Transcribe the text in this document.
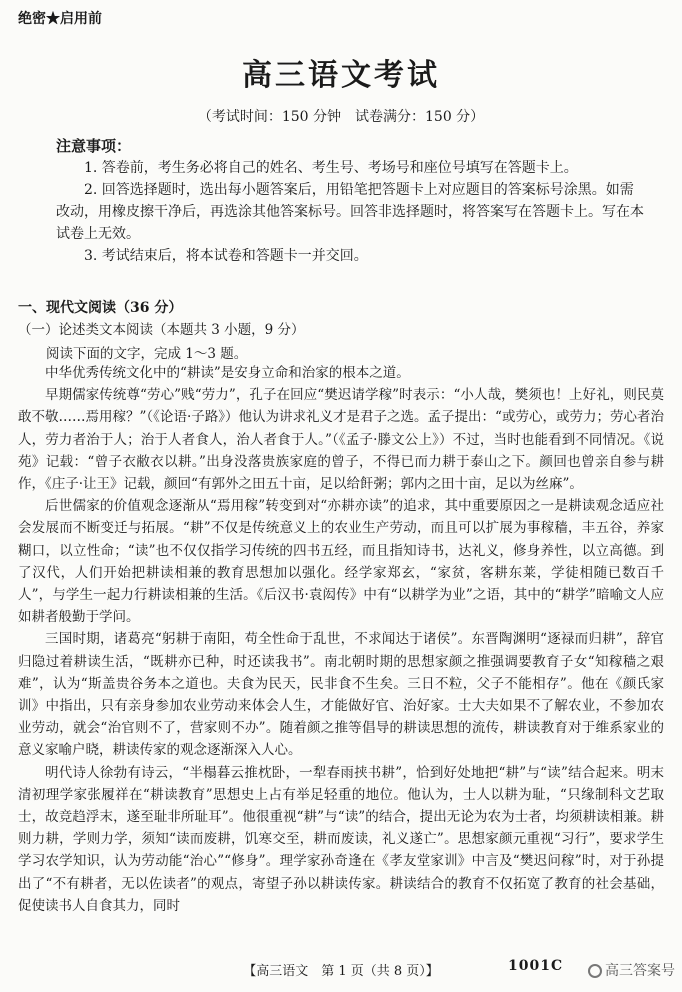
绝密★启用前
高三语文考试
（考试时间：150 分钟　试卷满分：150 分）
注意事项：
1. 答卷前，考生务必将自己的姓名、考生号、考场号和座位号填写在答题卡上。
2. 回答选择题时，选出每小题答案后，用铅笔把答题卡上对应题目的答案标号涂黑。如需改动，用橡皮擦干净后，再选涂其他答案标号。回答非选择题时，将答案写在答题卡上。写在本试卷上无效。
3. 考试结束后，将本试卷和答题卡一并交回。
一、现代文阅读（36 分）
（一）论述类文本阅读（本题共 3 小题，9 分）
阅读下面的文字，完成 1～3 题。

中华优秀传统文化中的“耕读”是安身立命和治家的根本之道。

早期儒家传统尊“劳心”贱“劳力”，孔子在回应“樊迟请学稼”时表示：“小人哉，樊须也！上好礼，则民莫敢不敬……焉用稼？”（《论语·子路》）他认为讲求礼义才是君子之选。孟子提出：“或劳心，或劳力；劳心者治人，劳力者治于人；治于人者食人，治人者食于人。”（《孟子·滕文公上》）不过，当时也能看到不同情况。《说苑》记载：“曾子衣敝衣以耕。”出身没落贵族家庭的曾子，不得已而力耕于泰山之下。颜回也曾亲自参与耕作，《庄子·让王》记载，颜回“有郭外之田五十亩，足以给飦粥；郭内之田十亩，足以为丝麻”。

后世儒家的价值观念逐渐从“焉用稼”转变到对“亦耕亦读”的追求，其中重要原因之一是耕读观念适应社会发展而不断变迁与拓展。“耕”不仅是传统意义上的农业生产劳动，而且可以扩展为事稼穑，丰五谷，养家糊口，以立性命；“读”也不仅仅指学习传统的四书五经，而且指知诗书，达礼义，修身养性，以立高德。到了汉代，人们开始把耕读相兼的教育思想加以强化。经学家郑玄，“家贫，客耕东莱，学徒相随已数百千人”，与学生一起力行耕读相兼的生活。《后汉书·袁闳传》中有“以耕学为业”之语，其中的“耕学”暗喻文人应如耕者般勤于学问。

三国时期，诸葛亮“躬耕于南阳，苟全性命于乱世，不求闻达于诸侯”。东晋陶渊明“逐禄而归耕”，辞官归隐过着耕读生活，“既耕亦已种，时还读我书”。南北朝时期的思想家颜之推强调要教育子女“知稼穑之艰难”，认为“斯盖贵谷务本之道也。夫食为民天，民非食不生矣。三日不粒，父子不能相存”。他在《颜氏家训》中指出，只有亲身参加农业劳动来体会人生，才能做好官、治好家。士大夫如果不了解农业，不参加农业劳动，就会“治官则不了，营家则不办”。随着颜之推等倡导的耕读思想的流传，耕读教育对于维系家业的意义家喻户晓，耕读传家的观念逐渐深入人心。

明代诗人徐勃有诗云，“半榻暮云推枕卧，一犁春雨挟书耕”，恰到好处地把“耕”与“读”结合起来。明末清初理学家张履祥在“耕读教育”思想史上占有举足轻重的地位。他认为，士人以耕为耻，“只缘制科文艺取士，故竞趋浮末，遂至耻非所耻耳”。他很重视“耕”与“读”的结合，提出无论为农为士者，均须耕读相兼。耕则力耕，学则力学，须知“读而废耕，饥寒交至，耕而废读，礼义遂亡”。思想家颜元重视“习行”，要求学生学习农学知识，认为劳动能“治心”“修身”。理学家孙奇逢在《孝友堂家训》中言及“樊迟问稼”时，对于孙提出了“不有耕者，无以佐读者”的观点，寄望子孙以耕读传家。耕读结合的教育不仅拓宽了教育的社会基础，促使读书人自食其力，同时

【高三语文　第 1 页（共 8 页）】	1001C	高三答案号
